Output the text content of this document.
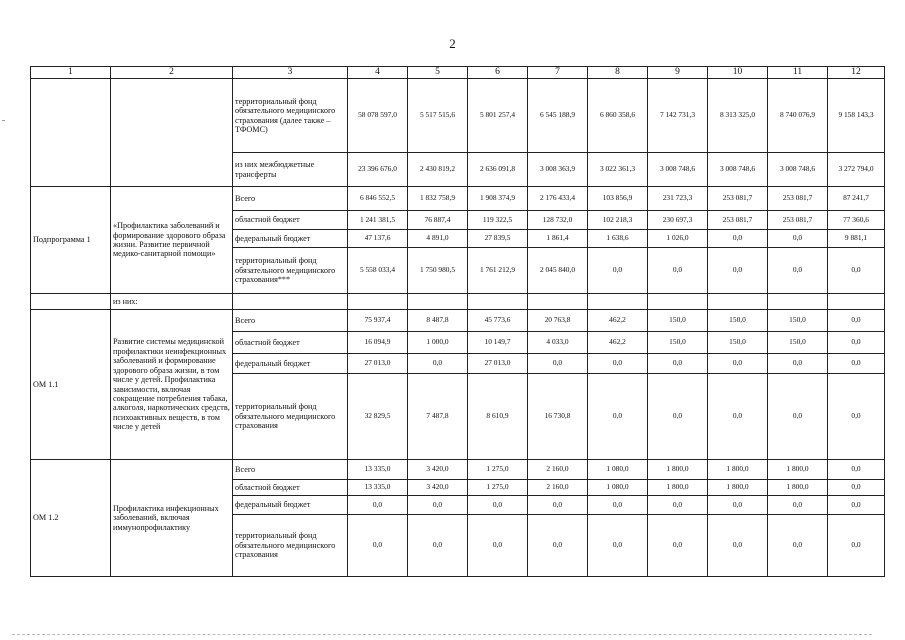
2
1	2	3	4	5	6	7	8	9	10	11	12
		территориальный фонд обязательного медицинского страхования (далее также – ТФОМС)	58 078 597,0	5 517 515,6	5 801 257,4	6 545 188,9	6 860 358,6	7 142 731,3	8 313 325,0	8 740 076,9	9 158 143,3
		из них межбюджетные трансферты	23 396 676,0	2 430 819,2	2 636 091,8	3 008 363,9	3 022 361,3	3 008 748,6	3 008 748,6	3 008 748,6	3 272 794,0
Подпрограмма 1	«Профилактика заболеваний и формирование здорового образа жизни. Развитие первичной медико-санитарной помощи»	Всего	6 846 552,5	1 832 758,9	1 908 374,9	2 176 433,4	103 856,9	231 723,3	253 081,7	253 081,7	87 241,7
		областной бюджет	1 241 381,5	76 887,4	119 322,5	128 732,0	102 218,3	230 697,3	253 081,7	253 081,7	77 360,6
		федеральный бюджет	47 137,6	4 891,0	27 839,5	1 861,4	1 638,6	1 026,0	0,0	0,0	9 881,1
		территориальный фонд обязательного медицинского страхования***	5 558 033,4	1 750 980,5	1 761 212,9	2 045 840,0	0,0	0,0	0,0	0,0	0,0
	из них:										
ОМ 1.1	Развитие системы медицинской профилактики неинфекционных заболеваний и формирование здорового образа жизни, в том числе у детей. Профилактика зависимости, включая сокращение потребления табака, алкоголя, наркотических средств, психоактивных веществ, в том числе у детей	Всего	75 937,4	8 487,8	45 773,6	20 763,8	462,2	150,0	150,0	150,0	0,0
		областной бюджет	16 094,9	1 000,0	10 149,7	4 033,0	462,2	150,0	150,0	150,0	0,0
		федеральный бюджет	27 013,0	0,0	27 013,0	0,0	0,0	0,0	0,0	0,0	0,0
		территориальный фонд обязательного медицинского страхования	32 829,5	7 487,8	8 610,9	16 730,8	0,0	0,0	0,0	0,0	0,0
ОМ 1.2	Профилактика инфекционных заболеваний, включая иммунопрофилактику	Всего	13 335,0	3 420,0	1 275,0	2 160,0	1 080,0	1 800,0	1 800,0	1 800,0	0,0
		областной бюджет	13 335,0	3 420,0	1 275,0	2 160,0	1 080,0	1 800,0	1 800,0	1 800,0	0,0
		федеральный бюджет	0,0	0,0	0,0	0,0	0,0	0,0	0,0	0,0	0,0
		территориальный фонд обязательного медицинского страхования	0,0	0,0	0,0	0,0	0,0	0,0	0,0	0,0	0,0
